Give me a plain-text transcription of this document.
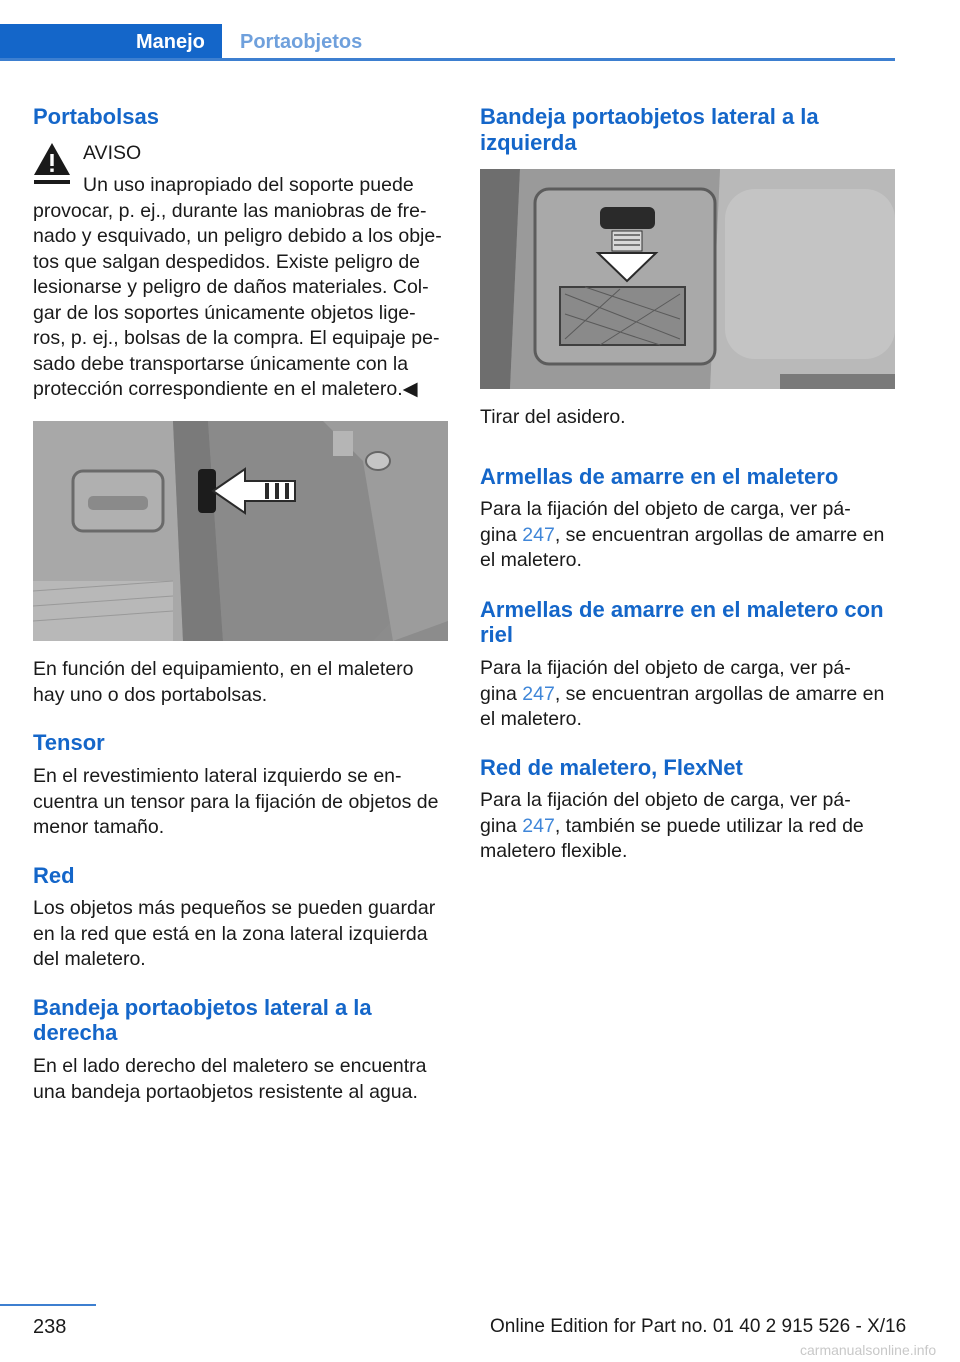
Manejo	Portaobjetos
Portabolsas

AVISO

Un uso inapropiado del soporte puede

provocar, p. ej., durante las maniobras de fre‐

nado y esquivado, un peligro debido a los obje‐

tos que salgan despedidos. Existe peligro de

lesionarse y peligro de daños materiales. Col‐

gar de los soportes únicamente objetos lige‐

ros, p. ej., bolsas de la compra. El equipaje pe‐

sado debe transportarse únicamente con la

protección correspondiente en el maletero.◀

En función del equipamiento, en el maletero

hay uno o dos portabolsas.

Tensor

En el revestimiento lateral izquierdo se en‐

cuentra un tensor para la fijación de objetos de

menor tamaño.

Red

Los objetos más pequeños se pueden guardar

en la red que está en la zona lateral izquierda

del maletero.

Bandeja portaobjetos lateral a la
derecha

En el lado derecho del maletero se encuentra

una bandeja portaobjetos resistente al agua.

Bandeja portaobjetos lateral a la
izquierda

Tirar del asidero.

Armellas de amarre en el maletero

Para la fijación del objeto de carga, ver pá‐

gina 247, se encuentran argollas de amarre en

el maletero.

Armellas de amarre en el maletero con
riel

Para la fijación del objeto de carga, ver pá‐

gina 247, se encuentran argollas de amarre en

el maletero.

Red de maletero, FlexNet

Para la fijación del objeto de carga, ver pá‐

gina 247, también se puede utilizar la red de

maletero flexible.

238	Online Edition for Part no. 01 40 2 915 526 - X/16
carmanualsonline.info
